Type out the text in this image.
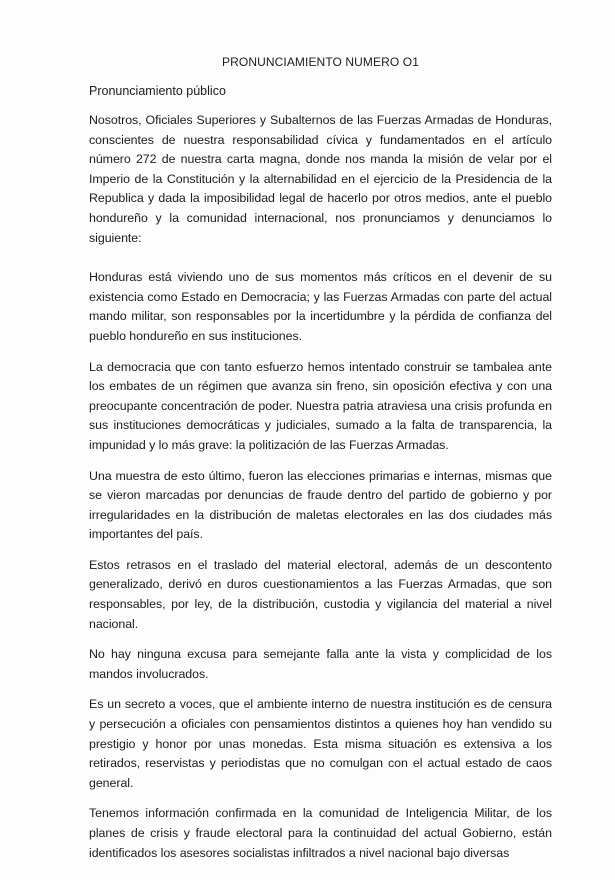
PRONUNCIAMIENTO NUMERO O1
Pronunciamiento público

Nosotros, Oficiales Superiores y Subalternos de las Fuerzas Armadas de Honduras, conscientes de nuestra responsabilidad cívica y fundamentados en el artículo número 272 de nuestra carta magna, donde nos manda la misión de velar por el Imperio de la Constitución y la alternabilidad en el ejercicio de la Presidencia de la Republica y dada la imposibilidad legal de hacerlo por otros medios, ante el pueblo hondureño y la comunidad internacional, nos pronunciamos y denunciamos lo siguiente:

Honduras está viviendo uno de sus momentos más críticos en el devenir de su existencia como Estado en Democracia; y las Fuerzas Armadas con parte del actual mando militar, son responsables por la incertidumbre y la pérdida de confianza del pueblo hondureño en sus instituciones.

La democracia que con tanto esfuerzo hemos intentado construir se tambalea ante los embates de un régimen que avanza sin freno, sin oposición efectiva y con una preocupante concentración de poder. Nuestra patria atraviesa una crisis profunda en sus instituciones democráticas y judiciales, sumado a la falta de transparencia, la impunidad y lo más grave: la politización de las Fuerzas Armadas.

Una muestra de esto último, fueron las elecciones primarias e internas, mismas que se vieron marcadas por denuncias de fraude dentro del partido de gobierno y por irregularidades en la distribución de maletas electorales en las dos ciudades más importantes del país.

Estos retrasos en el traslado del material electoral, además de un descontento generalizado, derivó en duros cuestionamientos a las Fuerzas Armadas, que son responsables, por ley, de la distribución, custodia y vigilancia del material a nivel nacional.

No hay ninguna excusa para semejante falla ante la vista y complicidad de los mandos involucrados.

Es un secreto a voces, que el ambiente interno de nuestra institución es de censura y persecución a oficiales con pensamientos distintos a quienes hoy han vendido su prestigio y honor por unas monedas. Esta misma situación es extensiva a los retirados, reservistas y periodistas que no comulgan con el actual estado de caos general.

Tenemos información confirmada en la comunidad de Inteligencia Militar, de los planes de crisis y fraude electoral para la continuidad del actual Gobierno, están identificados los asesores socialistas infiltrados a nivel nacional bajo diversas
